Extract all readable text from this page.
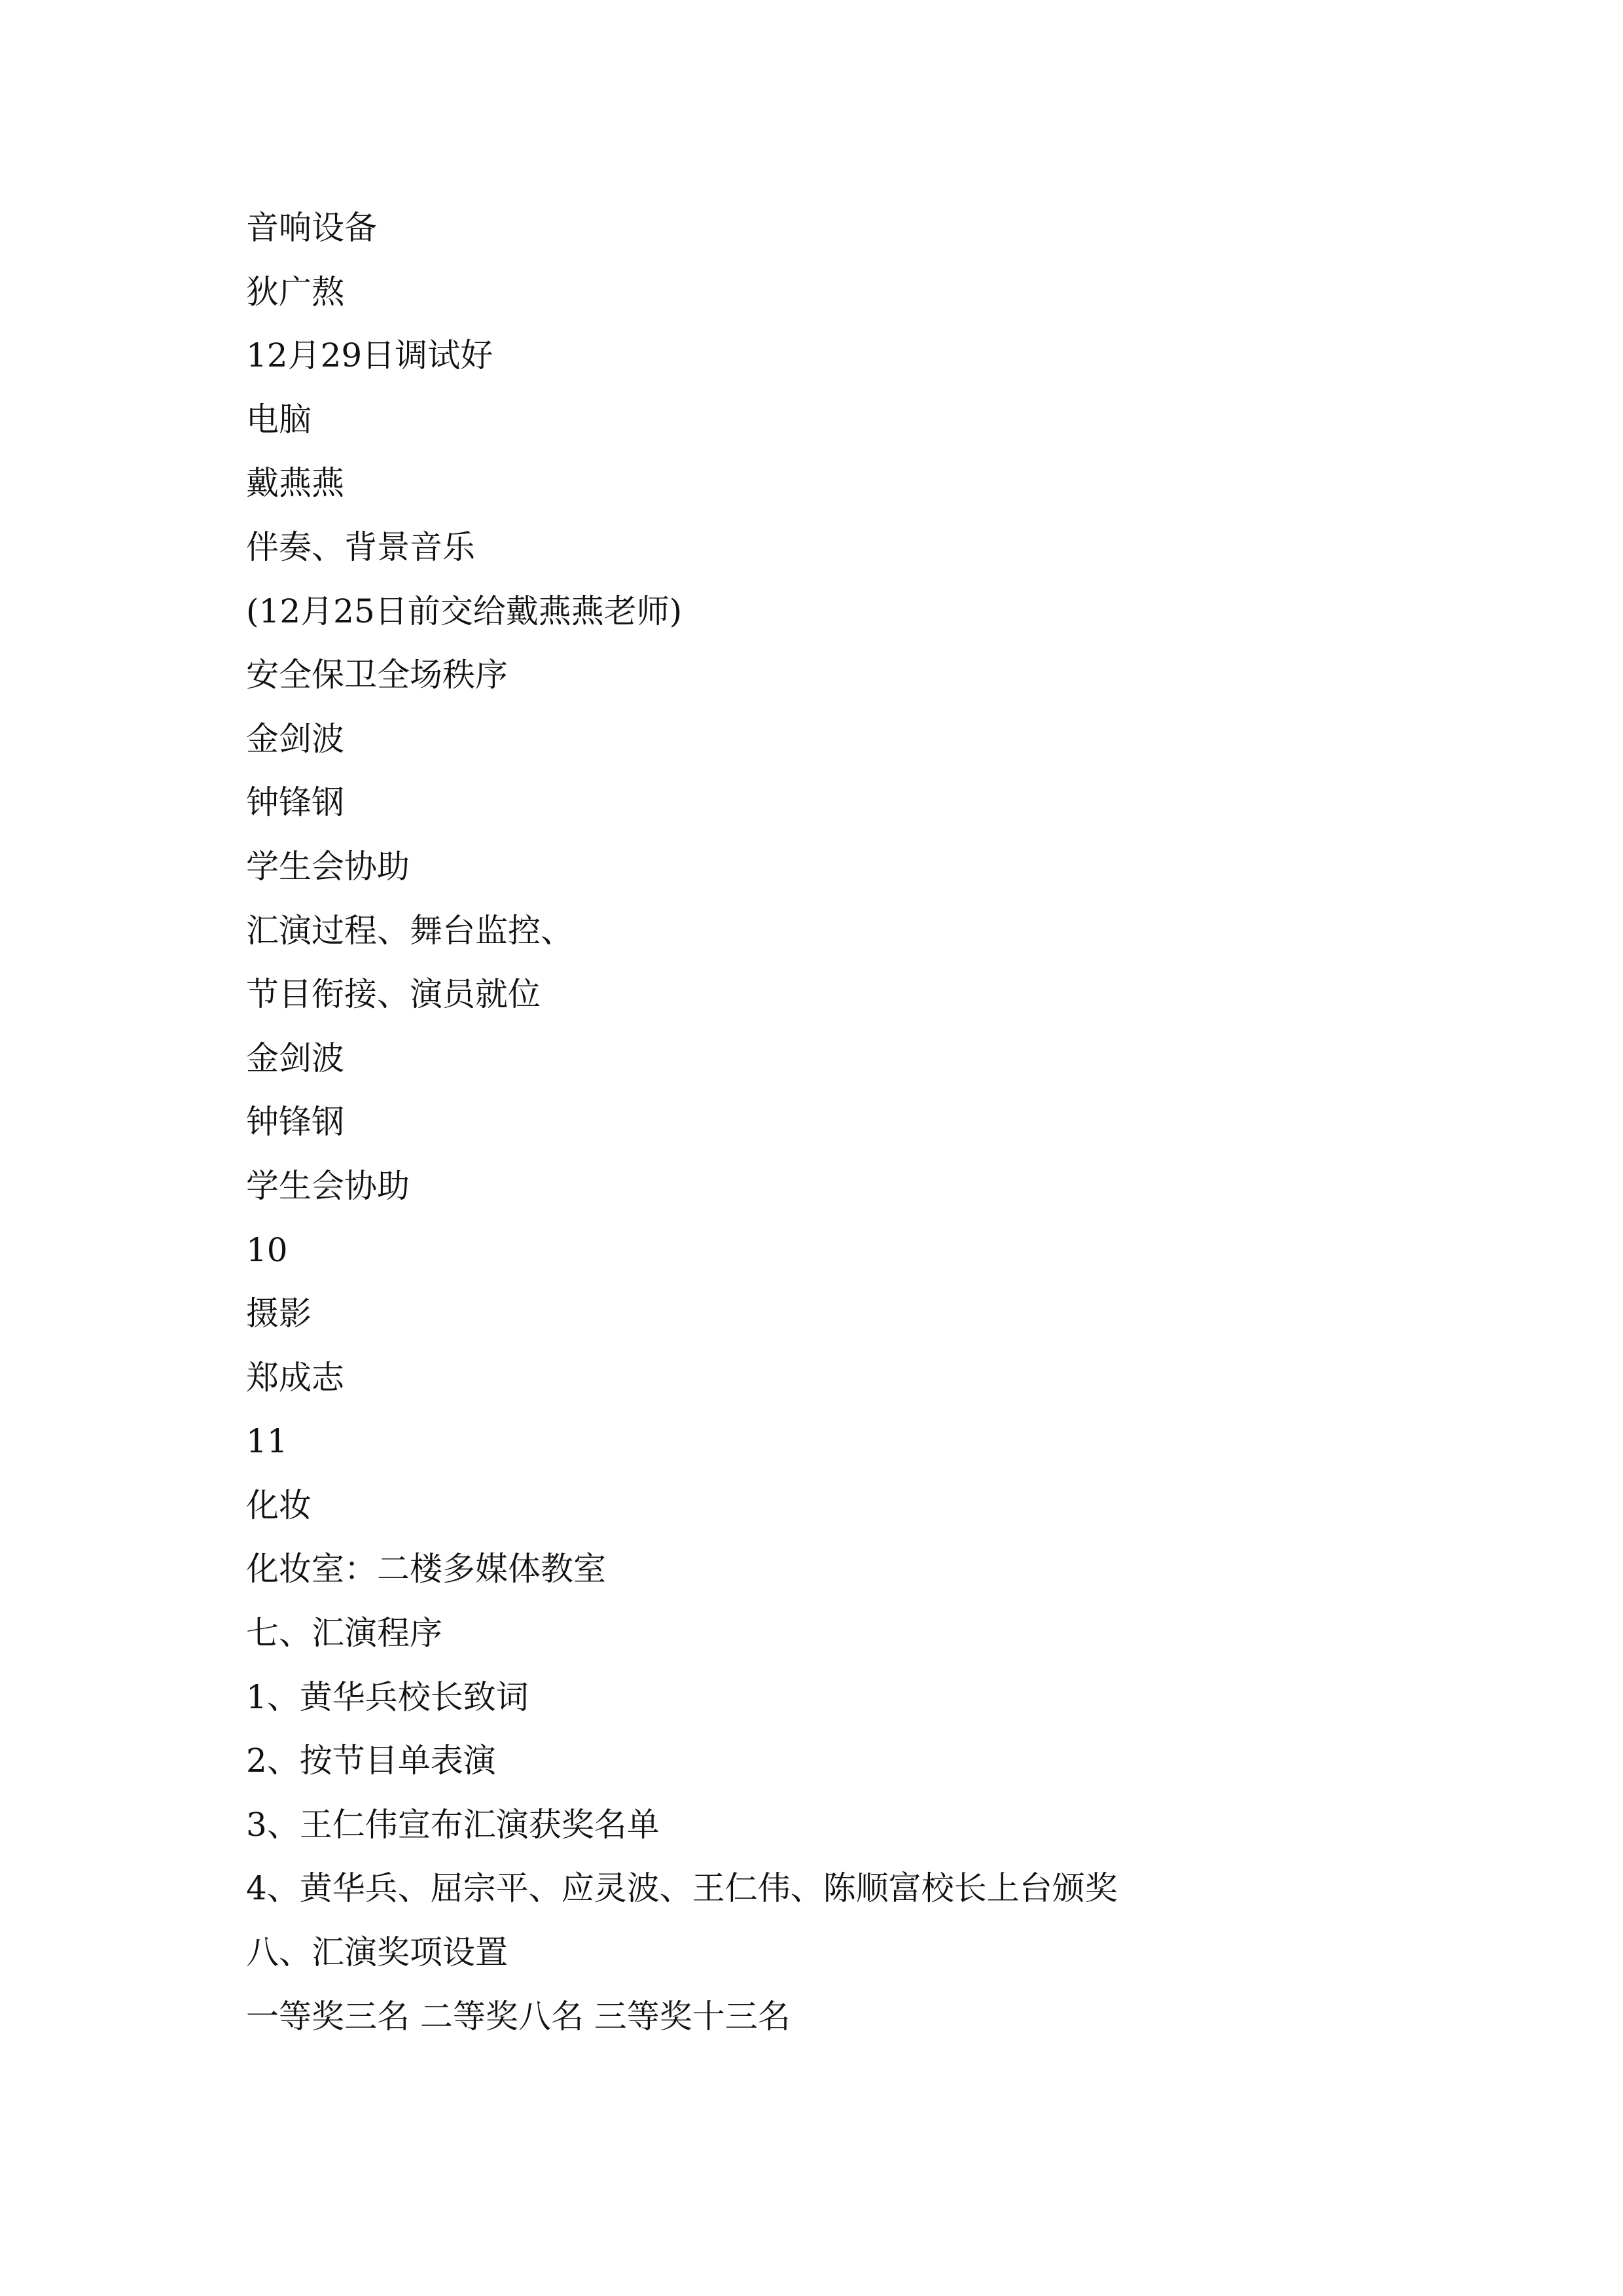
音响设备
狄广熬
12月29日调试好
电脑
戴燕燕
伴奏、背景音乐
(12月25日前交给戴燕燕老师)
安全保卫全场秩序
金剑波
钟锋钢
学生会协助
汇演过程、舞台监控、
节目衔接、演员就位
金剑波
钟锋钢
学生会协助
10
摄影
郑成志
11
化妆
化妆室：二楼多媒体教室
七、汇演程序
1、黄华兵校长致词
2、按节目单表演
3、王仁伟宣布汇演获奖名单
4、黄华兵、屈宗平、应灵波、王仁伟、陈顺富校长上台颁奖
八、汇演奖项设置
一等奖三名 二等奖八名 三等奖十三名
